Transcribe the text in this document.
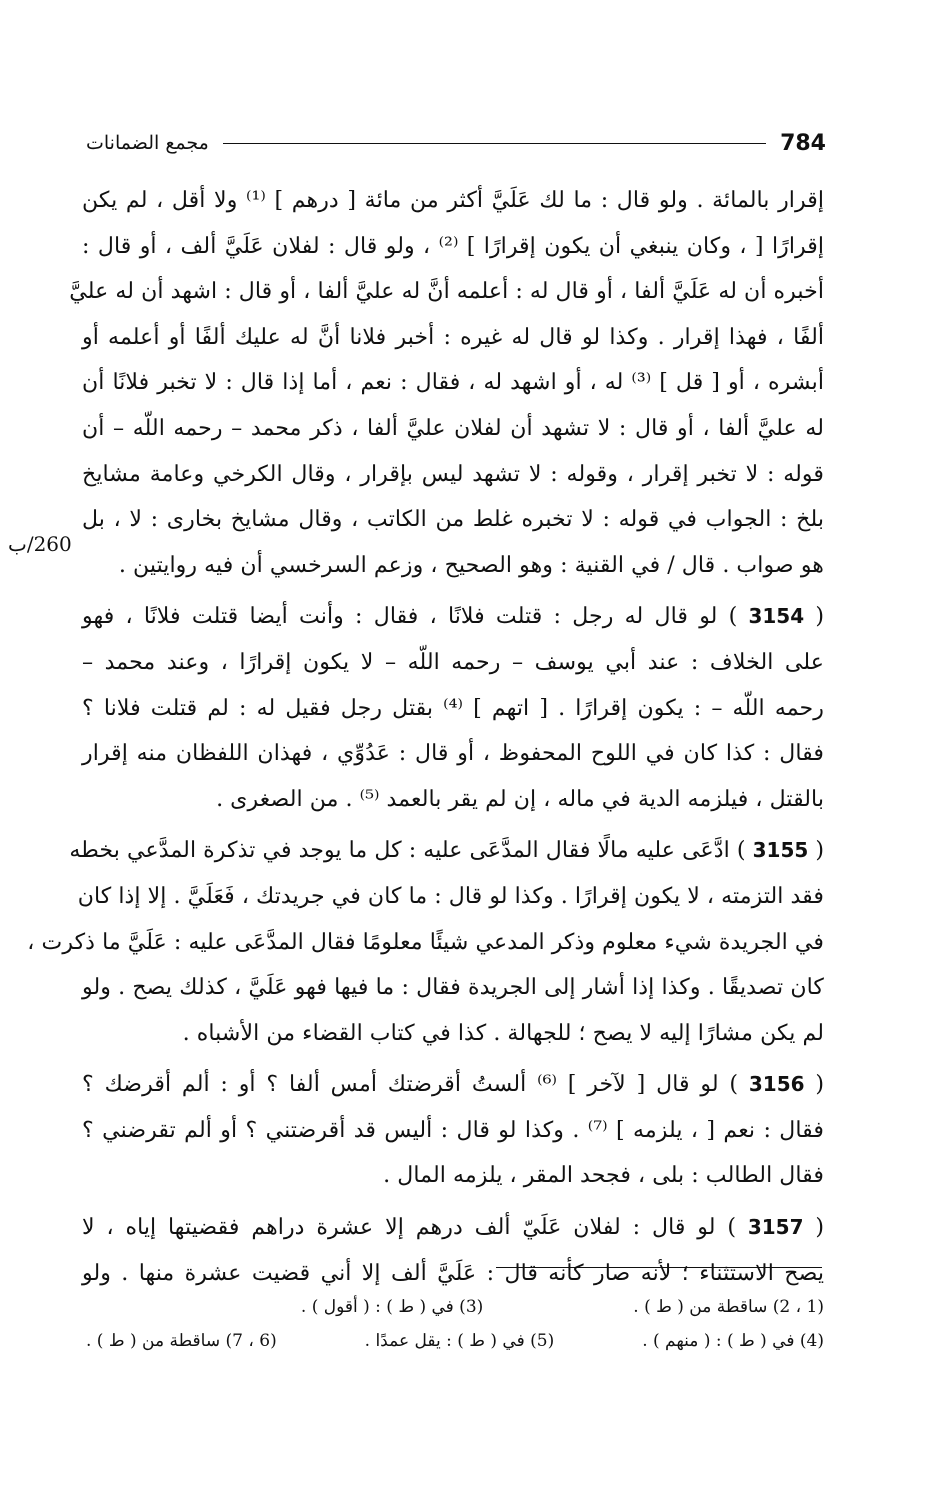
مجمع الضمانات	784
260/ب
إقرار بالمائة . ولو قال : ما لك عَلَيَّ أكثر من مائة [ درهم ] ⁽¹⁾ ولا أقل ، لم يكن
إقرارًا [ ، وكان ينبغي أن يكون إقرارًا ] ⁽²⁾ ، ولو قال : لفلان عَلَيَّ ألف ، أو قال :
أخبره أن له عَلَيَّ ألفا ، أو قال له : أعلمه أنَّ له عليَّ ألفا ، أو قال : اشهد أن له عليَّ
ألفًا ، فهذا إقرار . وكذا لو قال له غيره : أخبر فلانا أنَّ له عليك ألفًا أو أعلمه أو
أبشره ، أو [ قل ] ⁽³⁾ له ، أو اشهد له ، فقال : نعم ، أما إذا قال : لا تخبر فلانًا أن
له عليَّ ألفا ، أو قال : لا تشهد أن لفلان عليَّ ألفا ، ذكر محمد – رحمه اللّه – أن
قوله : لا تخبر إقرار ، وقوله : لا تشهد ليس بإقرار ، وقال الكرخي وعامة مشايخ
بلخ : الجواب في قوله : لا تخبره غلط من الكاتب ، وقال مشايخ بخارى : لا ، بل
هو صواب . قال / في القنية : وهو الصحيح ، وزعم السرخسي أن فيه روايتين .
( 3154 ) لو قال له رجل : قتلت فلانًا ، فقال : وأنت أيضا قتلت فلانًا ، فهو
على الخلاف : عند أبي يوسف – رحمه اللّه – لا يكون إقرارًا ، وعند محمد –
رحمه اللّه – : يكون إقرارًا . [ اتهم ] ⁽⁴⁾ بقتل رجل فقيل له : لم قتلت فلانا ؟
فقال : كذا كان في اللوح المحفوظ ، أو قال : عَدُوِّي ، فهذان اللفظان منه إقرار
بالقتل ، فيلزمه الدية في ماله ، إن لم يقر بالعمد ⁽⁵⁾ . من الصغرى .
( 3155 ) ادَّعَى عليه مالًا فقال المدَّعَى عليه : كل ما يوجد في تذكرة المدَّعي بخطه
فقد التزمته ، لا يكون إقرارًا . وكذا لو قال : ما كان في جريدتك ، فَعَلَيَّ . إلا إذا كان
في الجريدة شيء معلوم وذكر المدعي شيئًا معلومًا فقال المدَّعَى عليه : عَلَيَّ ما ذكرت ،
كان تصديقًا . وكذا إذا أشار إلى الجريدة فقال : ما فيها فهو عَلَيَّ ، كذلك يصح . ولو
لم يكن مشارًا إليه لا يصح ؛ للجهالة . كذا في كتاب القضاء من الأشباه .
( 3156 ) لو قال [ لآخر ] ⁽⁶⁾ ألستُ أقرضتك أمس ألفا ؟ أو : ألم أقرضك ؟
فقال : نعم [ ، يلزمه ] ⁽⁷⁾ . وكذا لو قال : أليس قد أقرضتني ؟ أو ألم تقرضني ؟
فقال الطالب : بلى ، فجحد المقر ، يلزمه المال .
( 3157 ) لو قال : لفلان عَلَيّ ألف درهم إلا عشرة دراهم فقضيتها إياه ، لا
يصح الاستثناء ؛ لأنه صار كأنه قال : عَلَيَّ ألف إلا أني قضيت عشرة منها . ولو
(1 ، 2) ساقطة من ( ط ) .
(3) في ( ط ) : ( أقول ) .
(4) في ( ط ) : ( منهم ) .
(5) في ( ط ) : يقل عمدًا .
(6 ، 7) ساقطة من ( ط ) .
